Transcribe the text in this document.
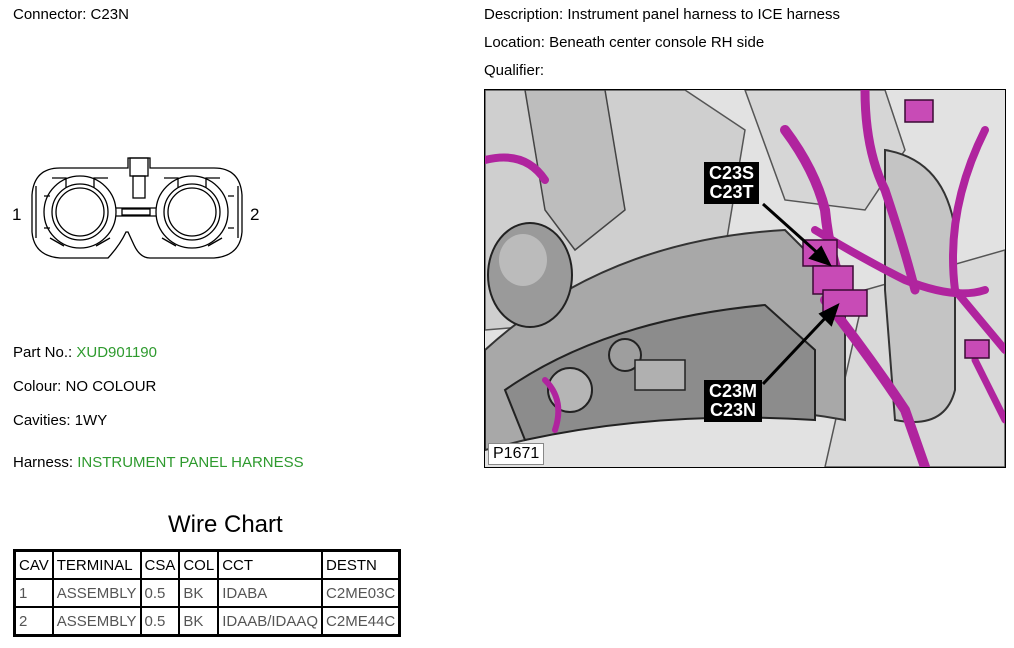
Connector: C23N	Description: Instrument panel harness to ICE harness
Location: Beneath center console RH side
Qualifier:
1	2
Part No.: XUD901190
Colour: NO COLOUR
Cavities: 1WY
Harness: INSTRUMENT PANEL HARNESS
C23S
C23T
C23M
C23N
P1671
Wire Chart
CAV	TERMINAL	CSA	COL	CCT	DESTN
1	ASSEMBLY	0.5	BK	IDABA	C2ME03C
2	ASSEMBLY	0.5	BK	IDAAB/IDAAQ	C2ME44C
